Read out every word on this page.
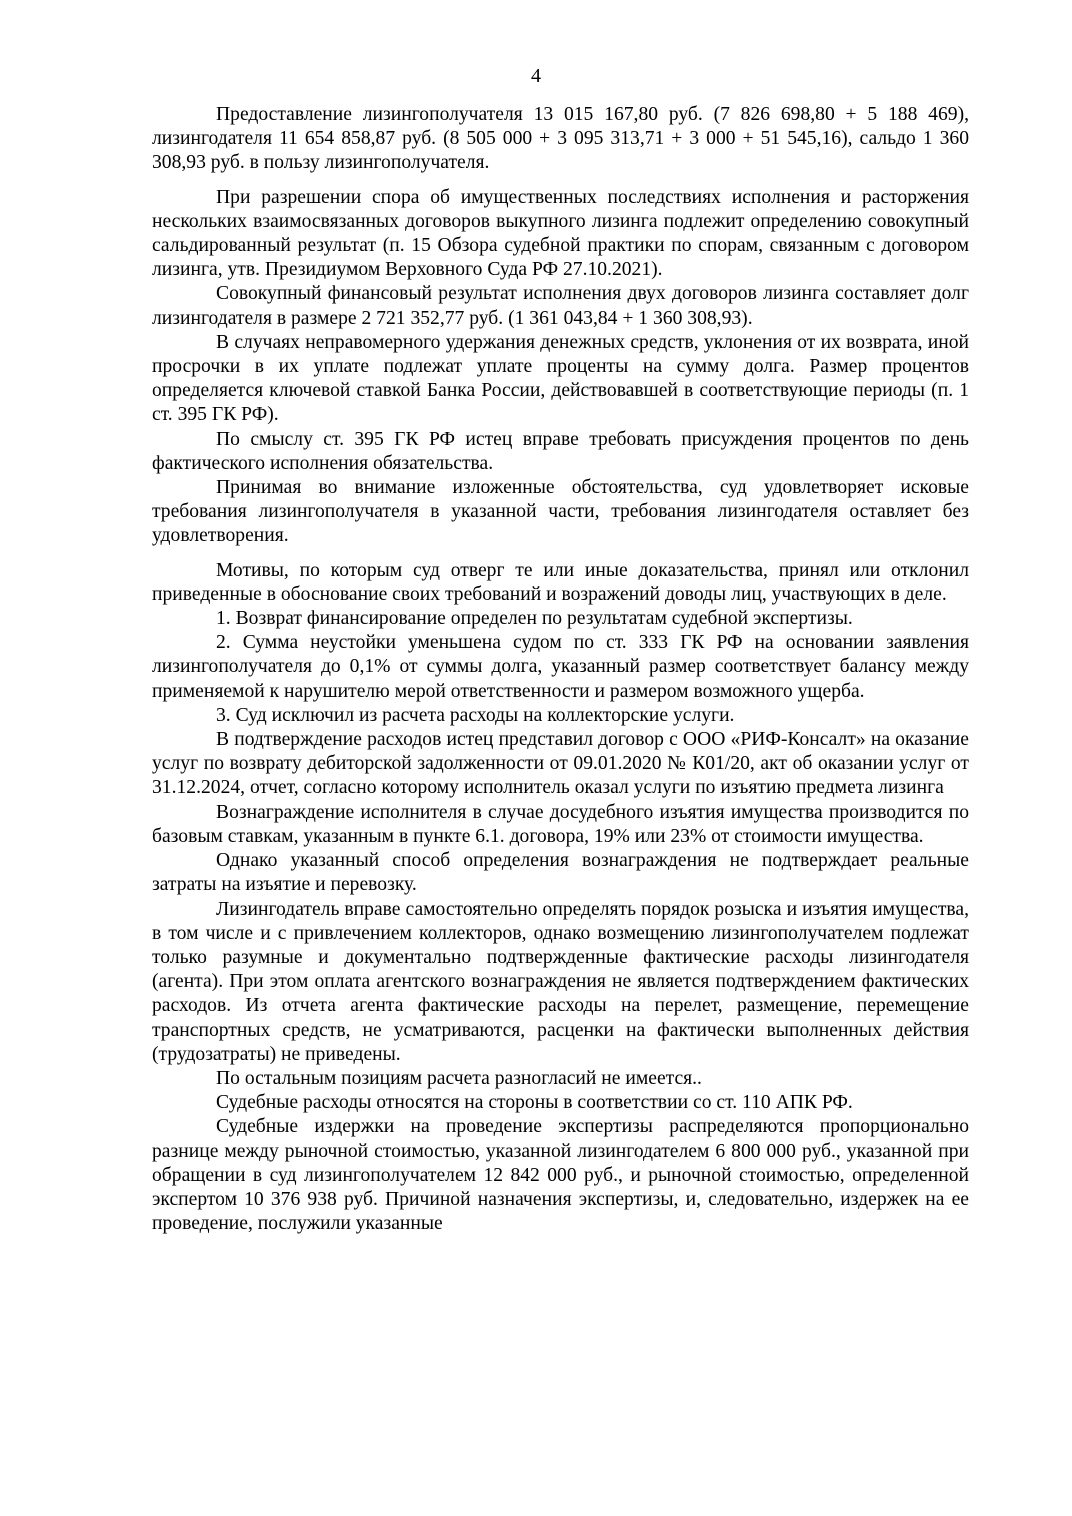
4

Предоставление лизингополучателя 13 015 167,80 руб. (7 826 698,80 + 5 188 469), лизингодателя 11 654 858,87 руб. (8 505 000 + 3 095 313,71 + 3 000 + 51 545,16), сальдо 1 360 308,93 руб. в пользу лизингополучателя.

При разрешении спора об имущественных последствиях исполнения и расторжения нескольких взаимосвязанных договоров выкупного лизинга подлежит определению совокупный сальдированный результат (п. 15 Обзора судебной практики по спорам, связанным с договором лизинга, утв. Президиумом Верховного Суда РФ 27.10.2021).

Совокупный финансовый результат исполнения двух договоров лизинга составляет долг лизингодателя в размере 2 721 352,77 руб. (1 361 043,84 + 1 360 308,93).

В случаях неправомерного удержания денежных средств, уклонения от их возврата, иной просрочки в их уплате подлежат уплате проценты на сумму долга. Размер процентов определяется ключевой ставкой Банка России, действовавшей в соответствующие периоды (п. 1 ст. 395 ГК РФ).

По смыслу ст. 395 ГК РФ истец вправе требовать присуждения процентов по день фактического исполнения обязательства.

Принимая во внимание изложенные обстоятельства, суд удовлетворяет исковые требования лизингополучателя в указанной части, требования лизингодателя оставляет без удовлетворения.

Мотивы, по которым суд отверг те или иные доказательства, принял или отклонил приведенные в обоснование своих требований и возражений доводы лиц, участвующих в деле.

1. Возврат финансирование определен по результатам судебной экспертизы.

2. Сумма неустойки уменьшена судом по ст. 333 ГК РФ на основании заявления лизингополучателя до 0,1% от суммы долга, указанный размер соответствует балансу между применяемой к нарушителю мерой ответственности и размером возможного ущерба.

3. Суд исключил из расчета расходы на коллекторские услуги.

В подтверждение расходов истец представил договор с ООО «РИФ-Консалт» на оказание услуг по возврату дебиторской задолженности от 09.01.2020 № К01/20, акт об оказании услуг от 31.12.2024, отчет, согласно которому исполнитель оказал услуги по изъятию предмета лизинга

Вознаграждение исполнителя в случае досудебного изъятия имущества производится по базовым ставкам, указанным в пункте 6.1. договора, 19% или 23% от стоимости имущества.

Однако указанный способ определения вознаграждения не подтверждает реальные затраты на изъятие и перевозку.

Лизингодатель вправе самостоятельно определять порядок розыска и изъятия имущества, в том числе и с привлечением коллекторов, однако возмещению лизингополучателем подлежат только разумные и документально подтвержденные фактические расходы лизингодателя (агента). При этом оплата агентского вознаграждения не является подтверждением фактических расходов. Из отчета агента фактические расходы на перелет, размещение, перемещение транспортных средств, не усматриваются, расценки на фактически выполненных действия (трудозатраты) не приведены.

По остальным позициям расчета разногласий не имеется..

Судебные расходы относятся на стороны в соответствии со ст. 110 АПК РФ.

Судебные издержки на проведение экспертизы распределяются пропорционально разнице между рыночной стоимостью, указанной лизингодателем 6 800 000 руб., указанной при обращении в суд лизингополучателем 12 842 000 руб., и рыночной стоимостью, определенной экспертом 10 376 938 руб. Причиной назначения экспертизы, и, следовательно, издержек на ее проведение, послужили указанные
